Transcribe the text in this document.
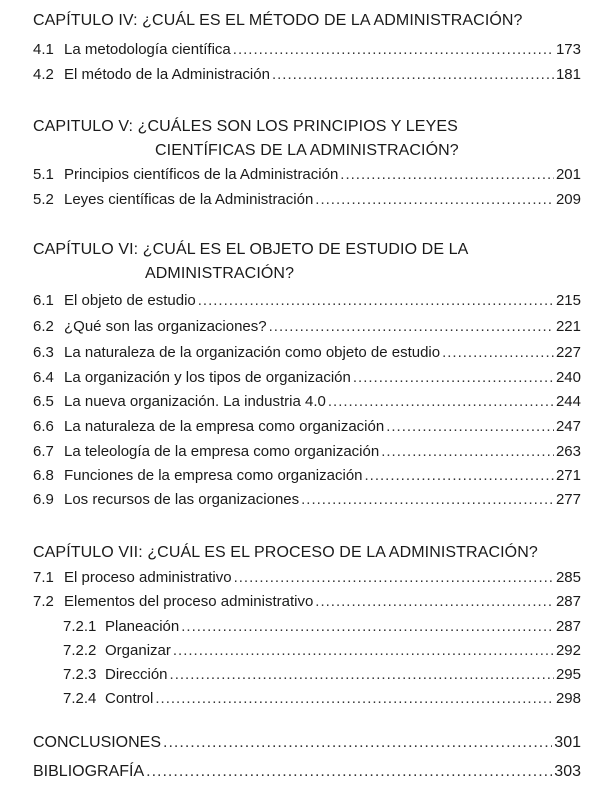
CAPÍTULO IV: ¿CUÁL ES EL MÉTODO DE LA ADMINISTRACIÓN?
4.1 La metodología científica .....	173
4.2 El método de la Administración .....	181
CAPITULO V: ¿CUÁLES SON LOS PRINCIPIOS Y LEYES
CIENTÍFICAS DE LA ADMINISTRACIÓN?
5.1 Principios científicos de la Administración .....	201
5.2 Leyes científicas de la Administración .....	209
CAPÍTULO VI: ¿CUÁL ES EL OBJETO DE ESTUDIO DE LA
ADMINISTRACIÓN?
6.1 El objeto de estudio .....	215
6.2 ¿Qué son las organizaciones? .....	221
6.3 La naturaleza de la organización como objeto de estudio .....	227
6.4 La organización y los tipos de organización .....	240
6.5 La nueva organización. La industria 4.0 .....	244
6.6 La naturaleza de la empresa como organización .....	247
6.7 La teleología de la empresa como organización .....	263
6.8 Funciones de la empresa como organización .....	271
6.9 Los recursos de las organizaciones .....	277
CAPÍTULO VII: ¿CUÁL ES EL PROCESO DE LA ADMINISTRACIÓN?
7.1 El proceso administrativo .....	285
7.2 Elementos del proceso administrativo .....	287
7.2.1 Planeación .....	287
7.2.2 Organizar .....	292
7.2.3 Dirección .....	295
7.2.4 Control .....	298
CONCLUSIONES .....	301
BIBLIOGRAFÍA .....	303
